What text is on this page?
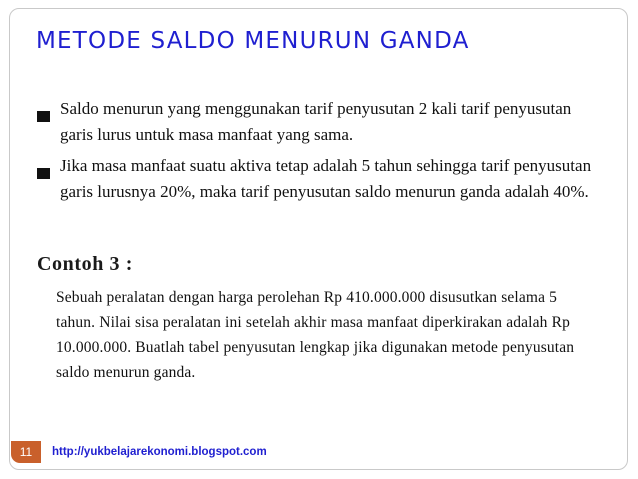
METODE SALDO MENURUN GANDA
Saldo menurun yang menggunakan tarif penyusutan 2 kali tarif penyusutan garis lurus untuk masa manfaat yang sama.
Jika masa manfaat suatu aktiva tetap adalah 5 tahun sehingga tarif penyusutan garis lurusnya 20%, maka tarif penyusutan saldo menurun ganda adalah 40%.
Contoh 3 :
Sebuah peralatan dengan harga perolehan Rp 410.000.000 disusutkan selama 5 tahun. Nilai sisa peralatan ini setelah akhir masa manfaat diperkirakan adalah Rp 10.000.000. Buatlah tabel penyusutan lengkap jika digunakan metode penyusutan saldo menurun ganda.
11	http://yukbelajarekonomi.blogspot.com
